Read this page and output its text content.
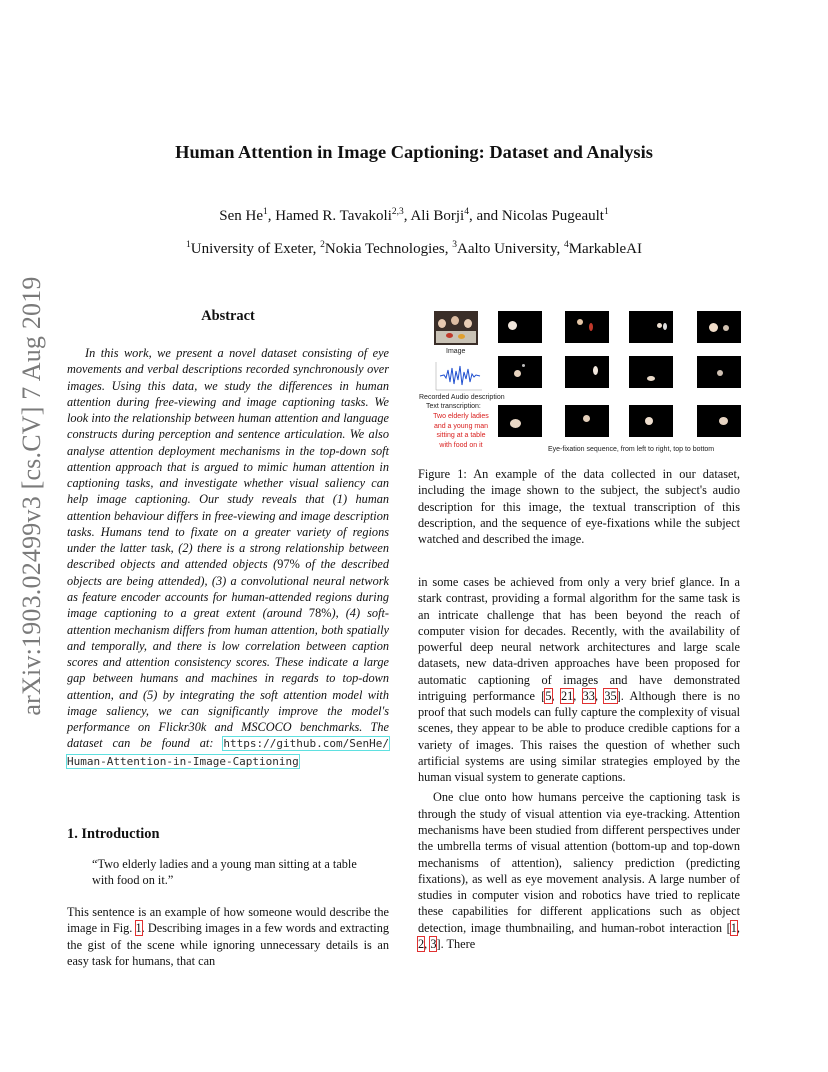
arXiv:1903.02499v3 [cs.CV] 7 Aug 2019
Human Attention in Image Captioning: Dataset and Analysis
Sen He$^1$, Hamed R. Tavakoli$^{2,3}$, Ali Borji$^4$, and Nicolas Pugeault$^1$
$^1$University of Exeter, $^2$Nokia Technologies, $^3$Aalto University, $^4$MarkableAI
Abstract
In this work, we present a novel dataset consisting of eye movements and verbal descriptions recorded synchronously over images. Using this data, we study the differences in human attention during free-viewing and image captioning tasks. We look into the relationship between human attention and language constructs during perception and sentence articulation. We also analyse attention deployment mechanisms in the top-down soft attention approach that is argued to mimic human attention in captioning tasks, and investigate whether visual saliency can help image captioning. Our study reveals that (1) human attention behaviour differs in free-viewing and image description tasks. Humans tend to fixate on a greater variety of regions under the latter task, (2) there is a strong relationship between described objects and attended objects (97% of the described objects are being attended), (3) a convolutional neural network as feature encoder accounts for human-attended regions during image captioning to a great extent (around 78%), (4) soft-attention mechanism differs from human attention, both spatially and temporally, and there is low correlation between caption scores and attention consistency scores. These indicate a large gap between humans and machines in regards to top-down attention, and (5) by integrating the soft attention model with image saliency, we can significantly improve the model's performance on Flickr30k and MSCOCO benchmarks. The dataset can be found at: https://github.com/SenHe/ Human-Attention-in-Image-Captioning
1. Introduction
“Two elderly ladies and a young man sitting at a table with food on it.”
This sentence is an example of how someone would describe the image in Fig. 1. Describing images in a few words and extracting the gist of the scene while ignoring unnecessary details is an easy task for humans, that can
Image
Recorded Audio description
Text transcription:
Two elderly ladies
and a young man
sitting at a table
with food on it
Eye-fixation sequence, from left to right, top to bottom
Figure 1: An example of the data collected in our dataset, including the image shown to the subject, the subject's audio description for this image, the textual transcription of this description, and the sequence of eye-fixations while the subject watched and described the image.

in some cases be achieved from only a very brief glance. In a stark contrast, providing a formal algorithm for the same task is an intricate challenge that has been beyond the reach of computer vision for decades. Recently, with the availability of powerful deep neural network architectures and large scale datasets, new data-driven approaches have been proposed for automatic captioning of images and have demonstrated intriguing performance [5, 21, 33, 35]. Although there is no proof that such models can fully capture the complexity of visual scenes, they appear to be able to produce credible captions for a variety of images. This raises the question of whether such artificial systems are using similar strategies employed by the human visual system to generate captions.

One clue onto how humans perceive the captioning task is through the study of visual attention via eye-tracking. Attention mechanisms have been studied from different perspectives under the umbrella terms of visual attention (bottom-up and top-down mechanisms of attention), saliency prediction (predicting fixations), as well as eye movement analysis. A large number of studies in computer vision and robotics have tried to replicate these capabilities for different applications such as object detection, image thumbnailing, and human-robot interaction [1, 2, 3]. There
